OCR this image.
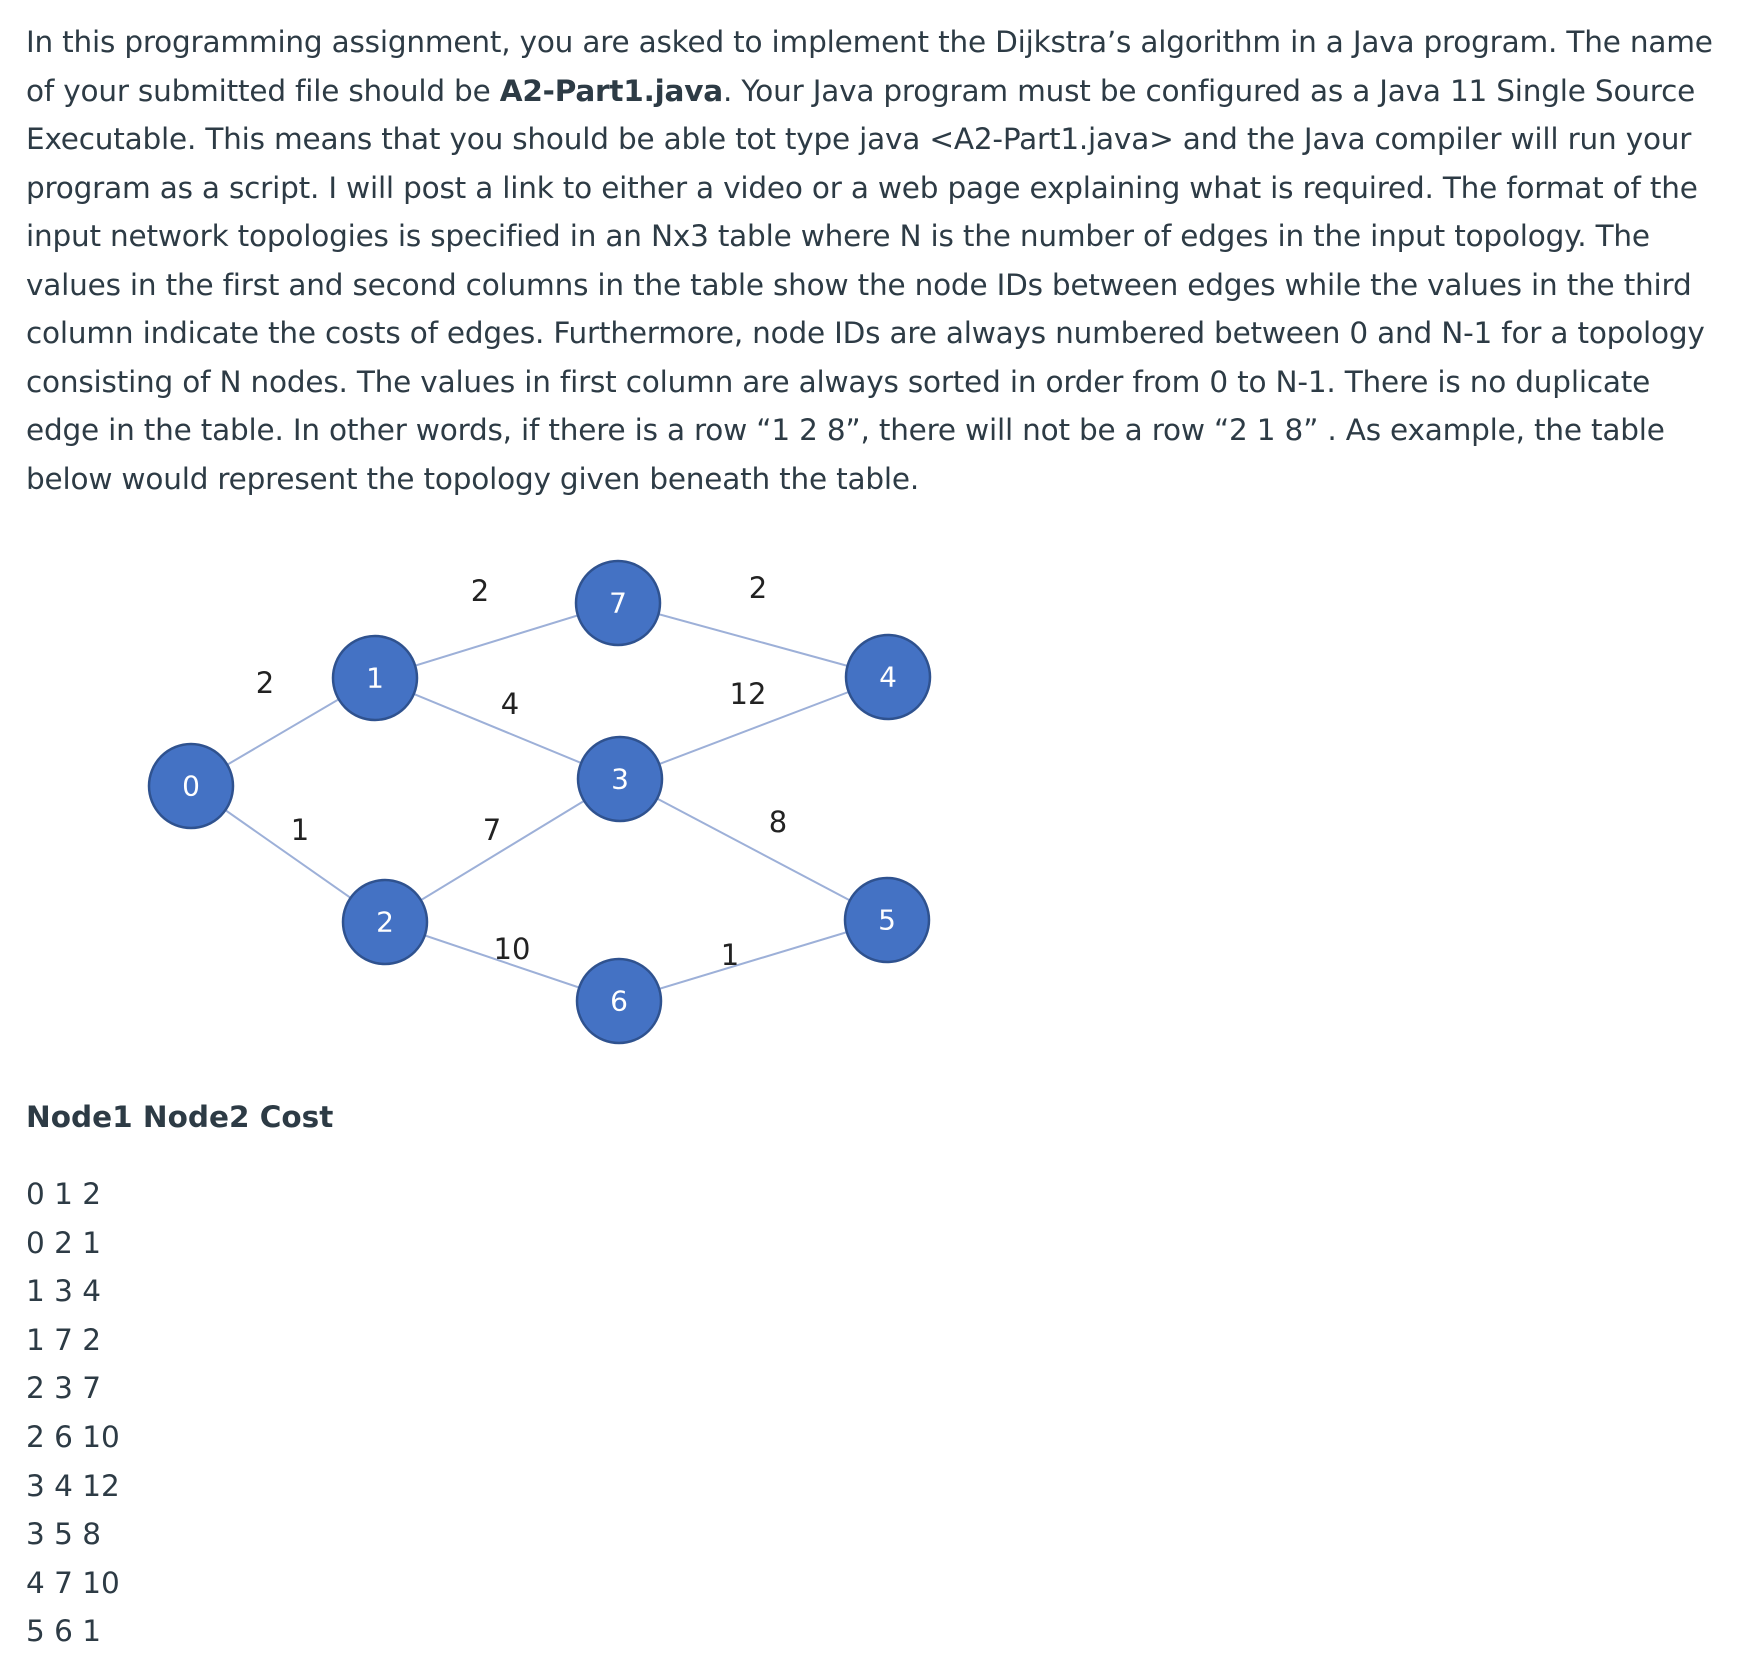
In this programming assignment, you are asked to implement the Dijkstra’s algorithm in a Java program. The name of your submitted file should be A2-Part1.java. Your Java program must be configured as a Java 11 Single Source Executable. This means that you should be able tot type java <A2-Part1.java> and the Java compiler will run your program as a script. I will post a link to either a video or a web page explaining what is required. The format of the input network topologies is specified in an Nx3 table where N is the number of edges in the input topology. The values in the first and second columns in the table show the node IDs between edges while the values in the third column indicate the costs of edges. Furthermore, node IDs are always numbered between 0 and N-1 for a topology consisting of N nodes. The values in first column are always sorted in order from 0 to N-1. There is no duplicate edge in the table. In other words, if there is a row “1 2 8”, there will not be a row “2 1 8” . As example, the table below would represent the topology given beneath the table.

2
1
2
4
7
10
2
12
8
1
0
1
2
3
4
5
6
7

Node1 Node2 Cost

0 1 2
0 2 1
1 3 4
1 7 2
2 3 7
2 6 10
3 4 12
3 5 8
4 7 10
5 6 1
